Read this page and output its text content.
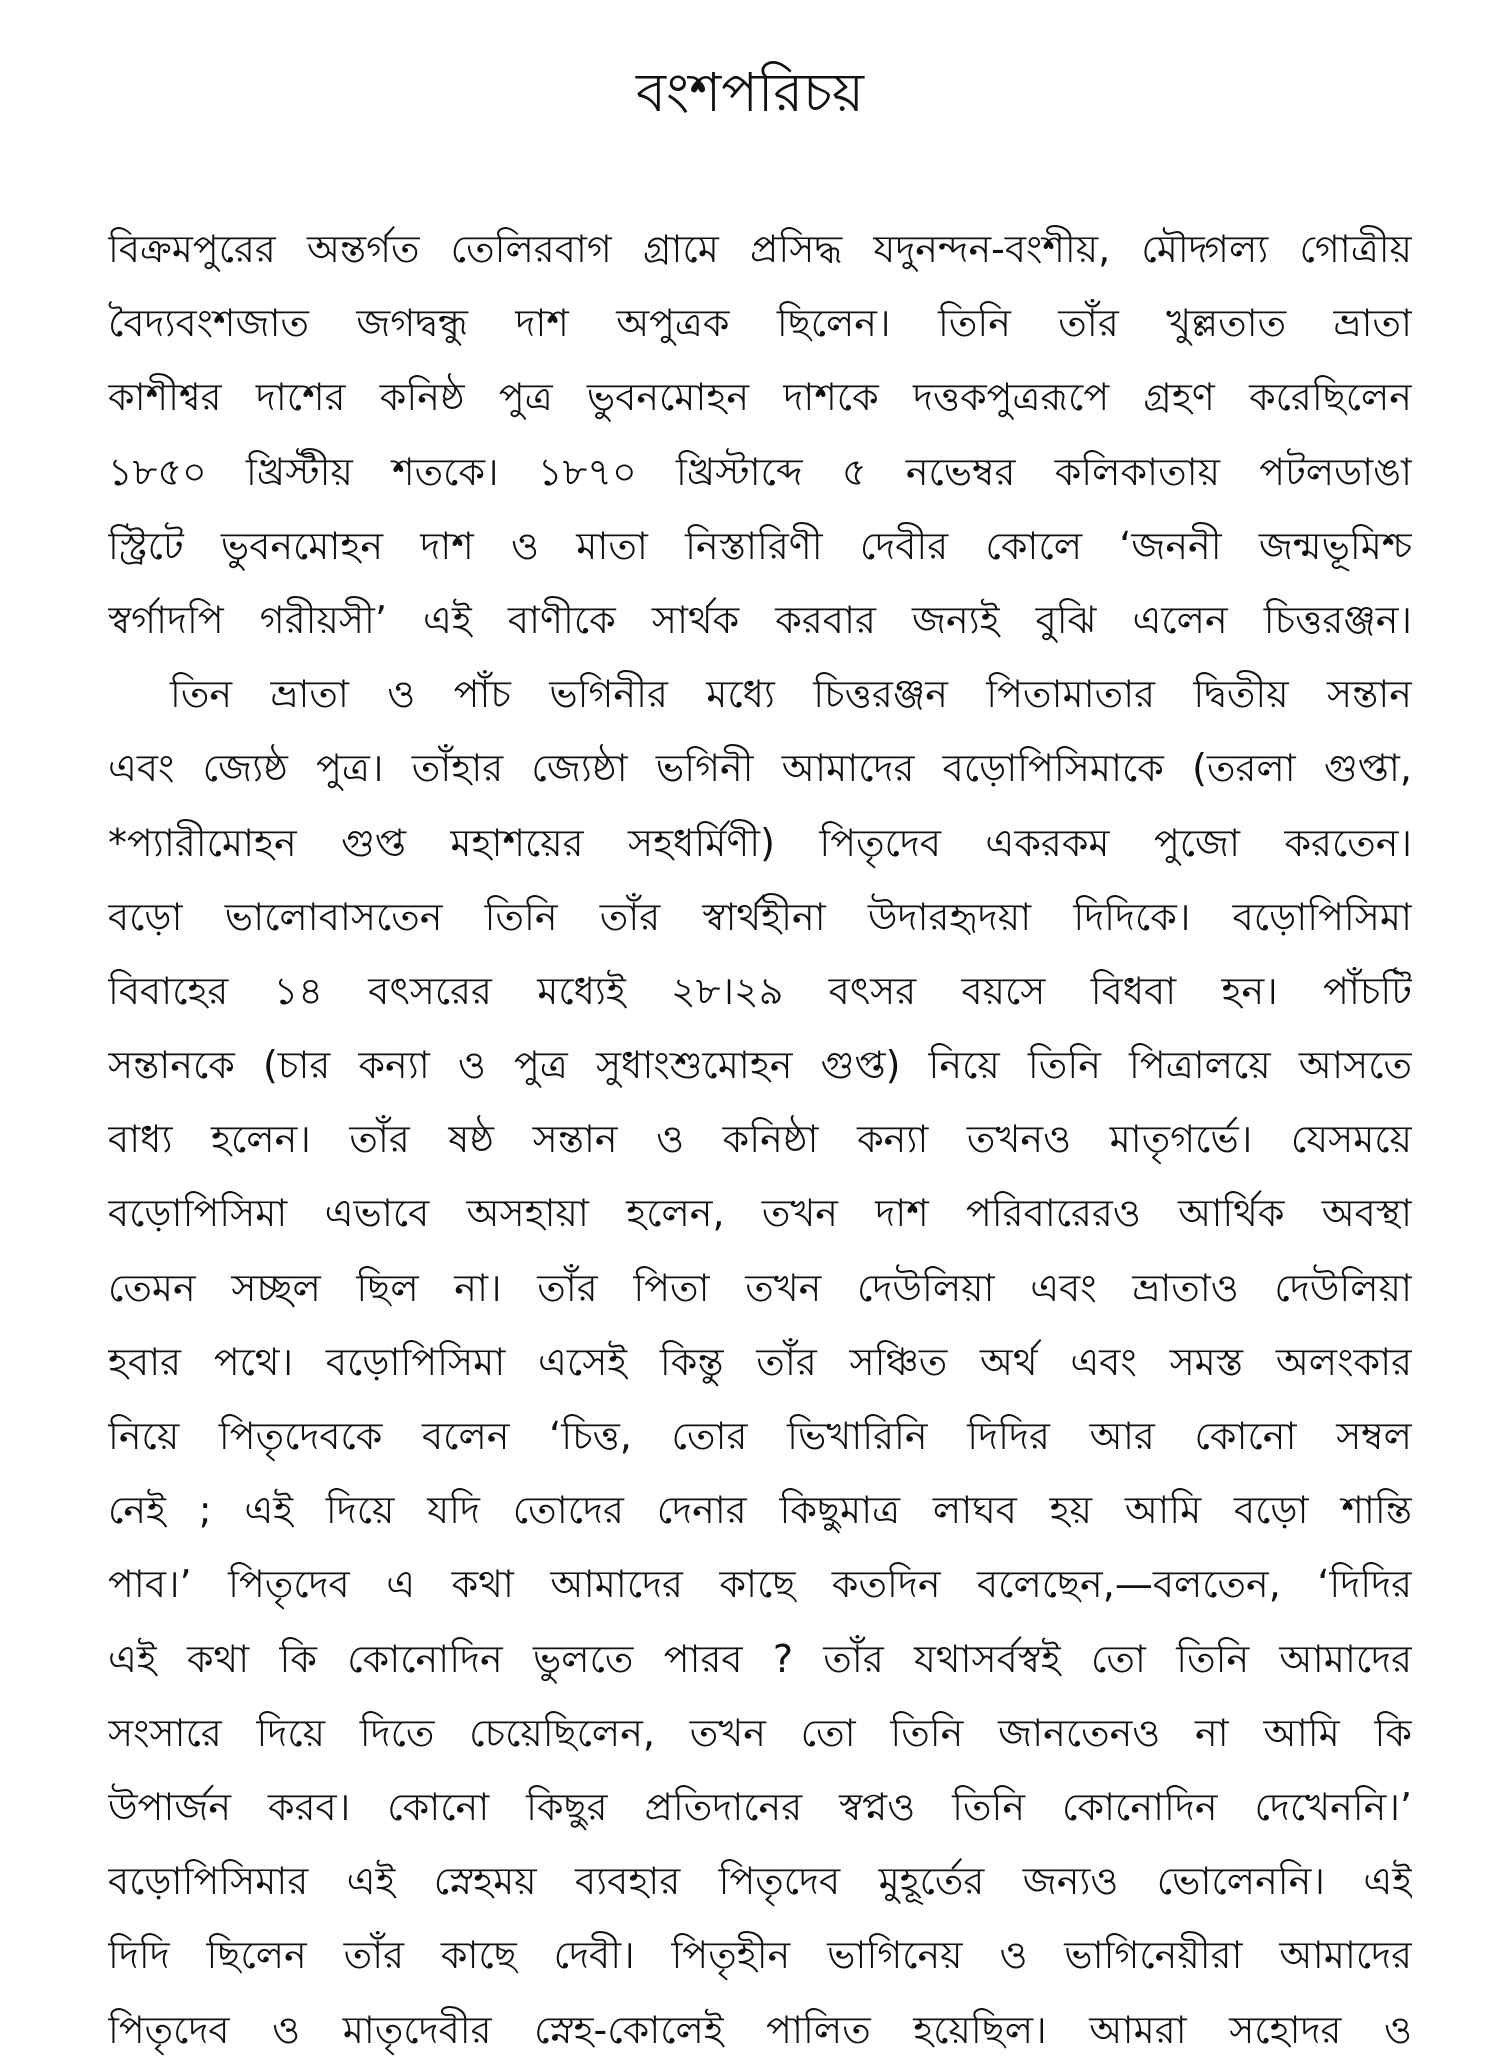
বংশপরিচয়
বিক্রমপুরের অন্তর্গত তেলিরবাগ গ্রামে প্রসিদ্ধ যদুনন্দন-বংশীয়, মৌদ্গল্য গোত্রীয়
বৈদ্যবংশজাত জগদ্বন্ধু দাশ অপুত্রক ছিলেন। তিনি তাঁর খুল্লতাত ভ্রাতা
কাশীশ্বর দাশের কনিষ্ঠ পুত্র ভুবনমোহন দাশকে দত্তকপুত্ররূপে গ্রহণ করেছিলেন
১৮৫০ খ্রিস্টীয় শতকে। ১৮৭০ খ্রিস্টাব্দে ৫ নভেম্বর কলিকাতায় পটলডাঙা
স্ট্রিটে ভুবনমোহন দাশ ও মাতা নিস্তারিণী দেবীর কোলে ‘জননী জন্মভূমিশ্চ
স্বর্গাদপি গরীয়সী’ এই বাণীকে সার্থক করবার জন্যই বুঝি এলেন চিত্তরঞ্জন।
তিন ভ্রাতা ও পাঁচ ভগিনীর মধ্যে চিত্তরঞ্জন পিতামাতার দ্বিতীয় সন্তান
এবং জ্যেষ্ঠ পুত্র। তাঁহার জ্যেষ্ঠা ভগিনী আমাদের বড়োপিসিমাকে (তরলা গুপ্তা,
*প্যারীমোহন গুপ্ত মহাশয়ের সহধর্মিণী) পিতৃদেব একরকম পুজো করতেন।
বড়ো ভালোবাসতেন তিনি তাঁর স্বার্থহীনা উদারহৃদয়া দিদিকে। বড়োপিসিমা
বিবাহের ১৪ বৎসরের মধ্যেই ২৮।২৯ বৎসর বয়সে বিধবা হন। পাঁচটি
সন্তানকে (চার কন্যা ও পুত্র সুধাংশুমোহন গুপ্ত) নিয়ে তিনি পিত্রালয়ে আসতে
বাধ্য হলেন। তাঁর ষষ্ঠ সন্তান ও কনিষ্ঠা কন্যা তখনও মাতৃগর্ভে। যেসময়ে
বড়োপিসিমা এভাবে অসহায়া হলেন, তখন দাশ পরিবারেরও আর্থিক অবস্থা
তেমন সচ্ছল ছিল না। তাঁর পিতা তখন দেউলিয়া এবং ভ্রাতাও দেউলিয়া
হবার পথে। বড়োপিসিমা এসেই কিন্তু তাঁর সঞ্চিত অর্থ এবং সমস্ত অলংকার
নিয়ে পিতৃদেবকে বলেন ‘চিত্ত, তোর ভিখারিনি দিদির আর কোনো সম্বল
নেই ; এই দিয়ে যদি তোদের দেনার কিছুমাত্র লাঘব হয় আমি বড়ো শান্তি
পাব।’ পিতৃদেব এ কথা আমাদের কাছে কতদিন বলেছেন,—বলতেন, ‘দিদির
এই কথা কি কোনোদিন ভুলতে পারব ? তাঁর যথাসর্বস্বই তো তিনি আমাদের
সংসারে দিয়ে দিতে চেয়েছিলেন, তখন তো তিনি জানতেনও না আমি কি
উপার্জন করব। কোনো কিছুর প্রতিদানের স্বপ্নও তিনি কোনোদিন দেখেননি।’
বড়োপিসিমার এই স্নেহময় ব্যবহার পিতৃদেব মুহূর্তের জন্যও ভোলেননি। এই
দিদি ছিলেন তাঁর কাছে দেবী। পিতৃহীন ভাগিনেয় ও ভাগিনেয়ীরা আমাদের
পিতৃদেব ও মাতৃদেবীর স্নেহ-কোলেই পালিত হয়েছিল। আমরা সহোদর ও
